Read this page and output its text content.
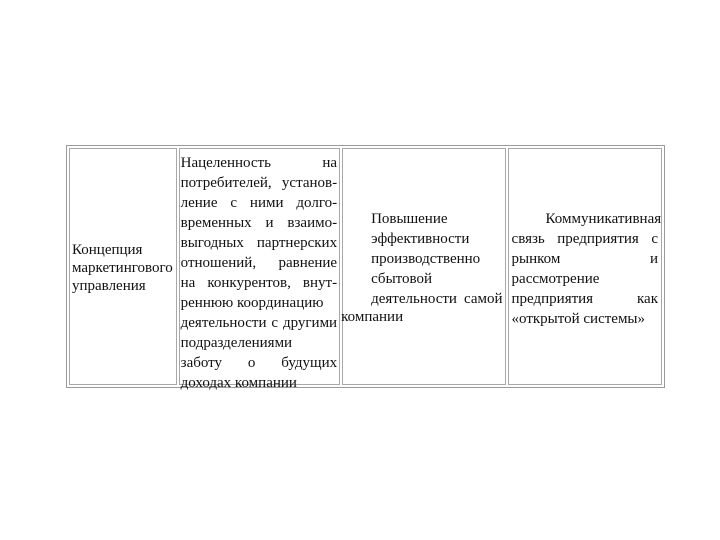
Концепция
маркетингового
управления
Нацеленность на
потребителей, установ-
ление с ними долго-
временных и взаимо-
выгодных партнерских
отношений, равнение
на конкурентов, внут-
реннюю координацию
деятельности с другими
подразделениями
заботу о будущих
доходах компании
Повышение
эффективности
производственно
сбытовой
деятельности самой
компании
Коммуникативная
связь предприятия с
рынком и
рассмотрение
предприятия как
«открытой системы»
